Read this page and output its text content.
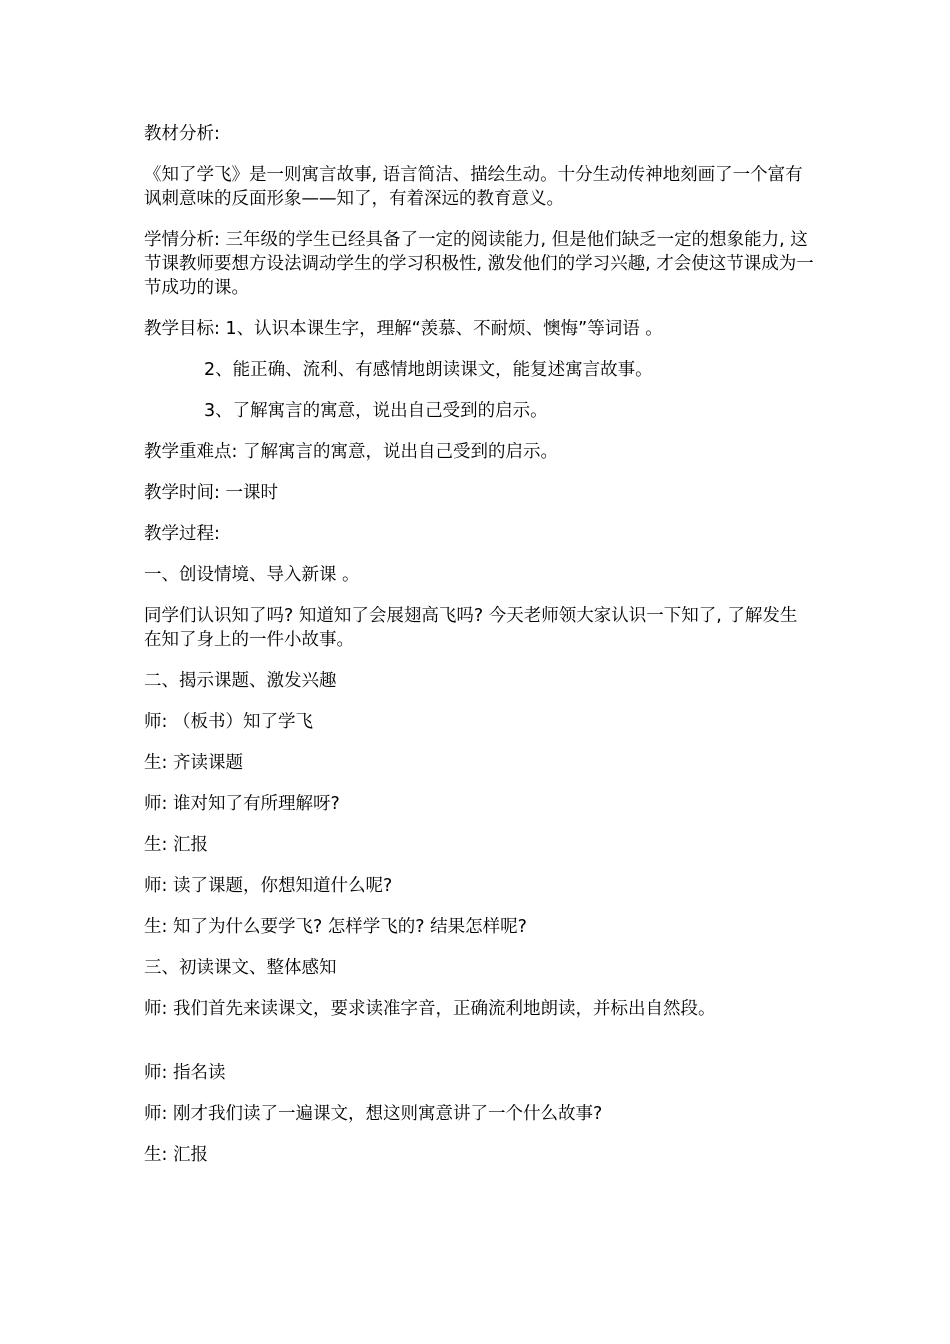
教材分析:

《知了学飞》是一则寓言故事, 语言简洁、描绘生动。十分生动传神地刻画了一个富有讽刺意味的反面形象——知了，有着深远的教育意义。

学情分析: 三年级的学生已经具备了一定的阅读能力, 但是他们缺乏一定的想象能力, 这节课教师要想方设法调动学生的学习积极性, 激发他们的学习兴趣, 才会使这节课成为一节成功的课。

教学目标: 1、认识本课生字，理解“羡慕、不耐烦、懊悔”等词语 。

2、能正确、流利、有感情地朗读课文，能复述寓言故事。

3、了解寓言的寓意，说出自己受到的启示。

教学重难点: 了解寓言的寓意，说出自己受到的启示。

教学时间: 一课时

教学过程:

一、创设情境、导入新课 。

同学们认识知了吗? 知道知了会展翅高飞吗? 今天老师领大家认识一下知了, 了解发生在知了身上的一件小故事。

二、揭示课题、激发兴趣

师: （板书）知了学飞

生: 齐读课题

师: 谁对知了有所理解呀?

生: 汇报

师: 读了课题，你想知道什么呢?

生: 知了为什么要学飞? 怎样学飞的? 结果怎样呢?

三、初读课文、整体感知

师: 我们首先来读课文，要求读准字音，正确流利地朗读，并标出自然段。

师: 指名读

师: 刚才我们读了一遍课文，想这则寓意讲了一个什么故事?

生: 汇报
